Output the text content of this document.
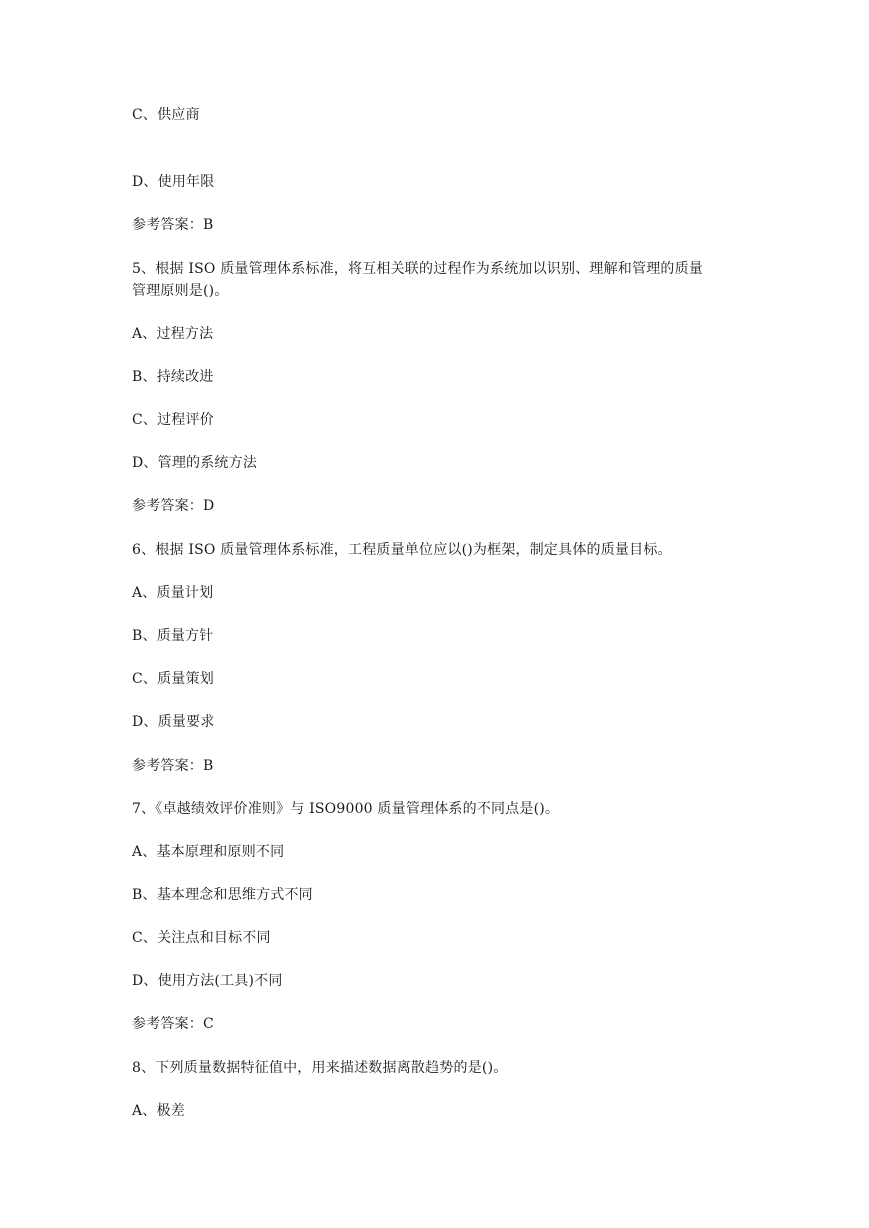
C、供应商
D、使用年限
参考答案：B
5、根据 ISO 质量管理体系标准，将互相关联的过程作为系统加以识别、理解和管理的质量
管理原则是()。
A、过程方法
B、持续改进
C、过程评价
D、管理的系统方法
参考答案：D
6、根据 ISO 质量管理体系标准，工程质量单位应以()为框架，制定具体的质量目标。
A、质量计划
B、质量方针
C、质量策划
D、质量要求
参考答案：B
7、《卓越绩效评价准则》与 ISO9000 质量管理体系的不同点是()。
A、基本原理和原则不同
B、基本理念和思维方式不同
C、关注点和目标不同
D、使用方法(工具)不同
参考答案：C
8、下列质量数据特征值中，用来描述数据离散趋势的是()。
A、极差
